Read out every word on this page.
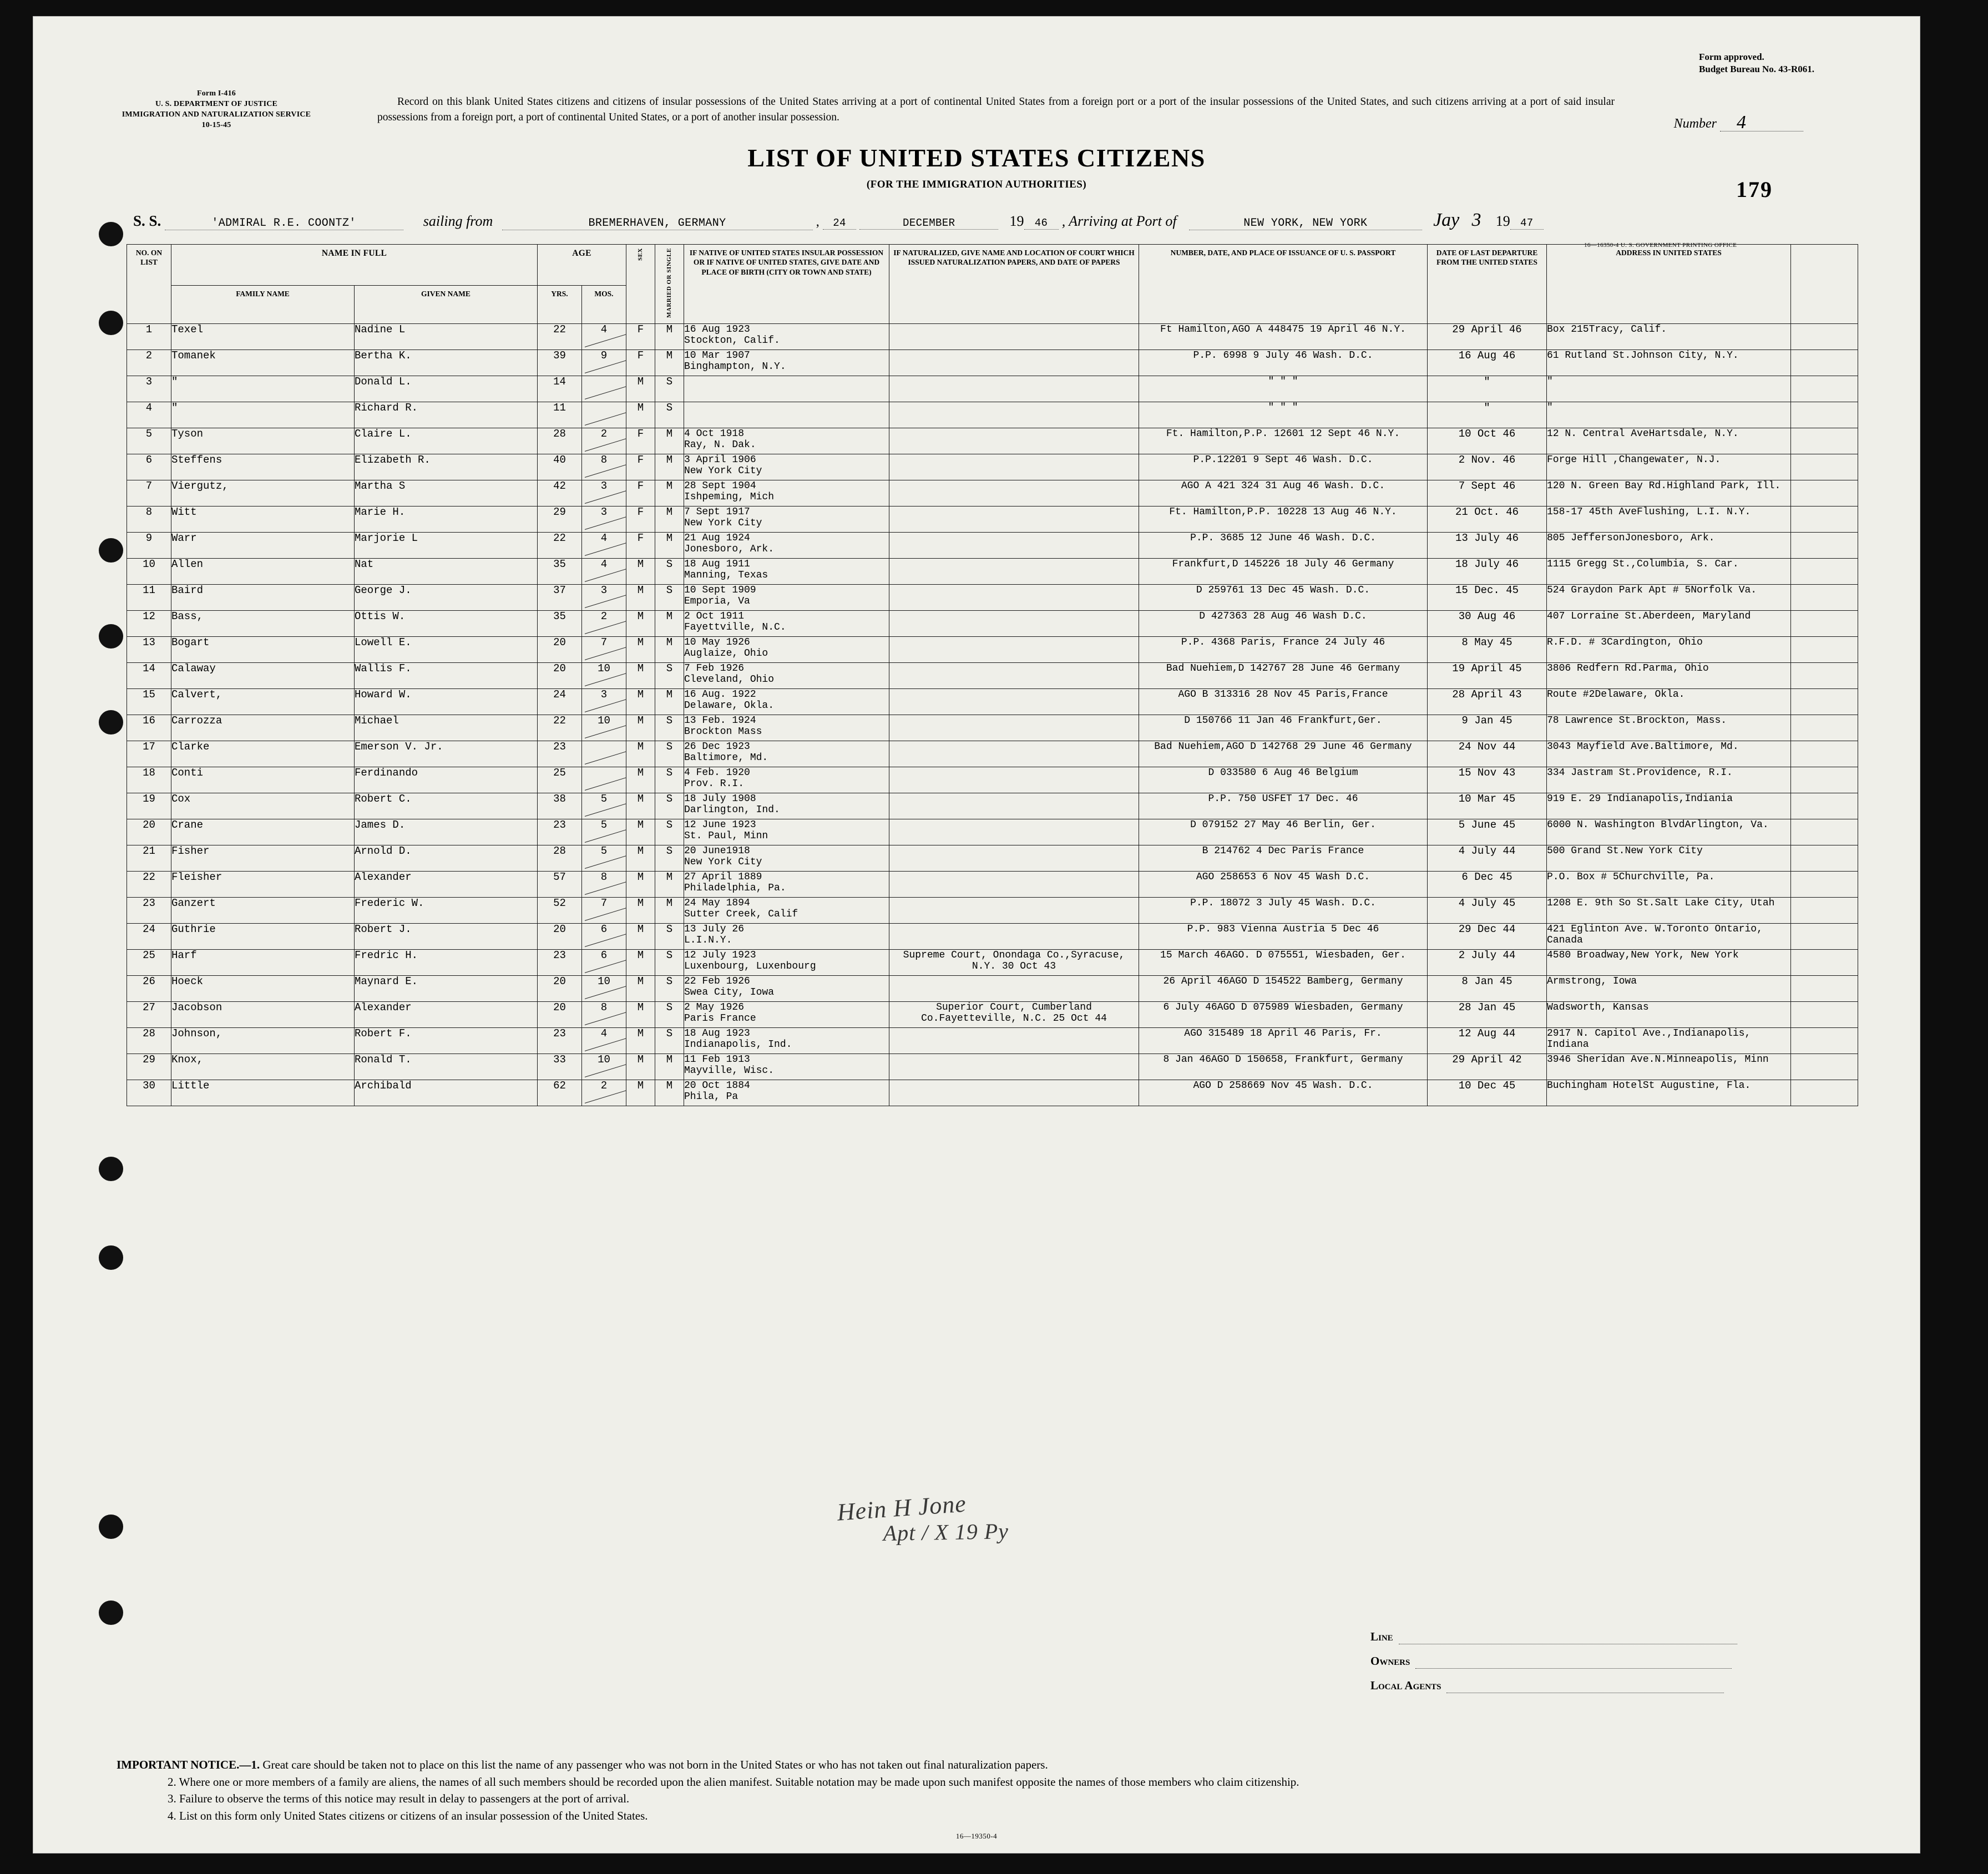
Form I-416
U. S. DEPARTMENT OF JUSTICE
IMMIGRATION AND NATURALIZATION SERVICE
10-15-45
Form approved.
Budget Bureau No. 43-R061.
Record on this blank United States citizens and citizens of insular possessions of the United States arriving at a port of continental United States from a foreign port or a port of the insular possessions of the United States, and such citizens arriving at a port of said insular possessions from a foreign port, a port of continental United States, or a port of another insular possession.	Number 4
LIST OF UNITED STATES CITIZENS
(FOR THE IMMIGRATION AUTHORITIES)	179
S. S.	'ADMIRAL R.E. COONTZ'	sailing from	BREMERHAVEN, GERMANY	, 24	DECEMBER	19 46 , Arriving at Port of	NEW YORK, NEW YORK	Jay 3 19 47
16—16350-4 U. S. GOVERNMENT PRINTING OFFICE
NO. ON LIST	NAME IN FULL		AGE		SEX	MARRIED OR SINGLE	IF NATIVE OF UNITED STATES INSULAR POSSESSION OR IF NATIVE OF UNITED STATES, GIVE DATE AND PLACE OF BIRTH (CITY OR TOWN AND STATE)	IF NATURALIZED, GIVE NAME AND LOCATION OF COURT WHICH ISSUED NATURALIZATION PAPERS, AND DATE OF PAPERS	NUMBER, DATE, AND PLACE OF ISSUANCE OF U. S. PASSPORT	DATE OF LAST DEPARTURE FROM THE UNITED STATES	ADDRESS IN UNITED STATES	
	FAMILY NAME	GIVEN NAME	YRS.	MOS.								
1	Texel	Nadine L	22	4	F	M	16 Aug 1923
Stockton, Calif.		Ft Hamilton,AGO A 448475 19 April 46 N.Y.	29 April 46	Box 215Tracy, Calif.	
2	Tomanek	Bertha K.	39	9	F	M	10 Mar 1907
Binghampton, N.Y.		P.P. 6998 9 July 46 Wash. D.C.	16 Aug 46	61 Rutland St.Johnson City, N.Y.	
3	"	Donald L.	14		M	S			" " "	"	"	
4	"	Richard R.	11		M	S			" " "	"	"	
5	Tyson	Claire L.	28	2	F	M	4 Oct 1918
Ray, N. Dak.		Ft. Hamilton,P.P. 12601 12 Sept 46 N.Y.	10 Oct 46	12 N. Central AveHartsdale, N.Y.	
6	Steffens	Elizabeth R.	40	8	F	M	3 April 1906
New York City		P.P.12201 9 Sept 46 Wash. D.C.	2 Nov. 46	Forge Hill ,Changewater, N.J.	
7	Viergutz,	Martha S	42	3	F	M	28 Sept 1904
Ishpeming, Mich		AGO A 421 324 31 Aug 46 Wash. D.C.	7 Sept 46	120 N. Green Bay Rd.Highland Park, Ill.	
8	Witt	Marie H.	29	3	F	M	7 Sept 1917
New York City		Ft. Hamilton,P.P. 10228 13 Aug 46 N.Y.	21 Oct. 46	158-17 45th AveFlushing, L.I. N.Y.	
9	Warr	Marjorie L	22	4	F	M	21 Aug 1924
Jonesboro, Ark.		P.P. 3685 12 June 46 Wash. D.C.	13 July 46	805 JeffersonJonesboro, Ark.	
10	Allen	Nat	35	4	M	S	18 Aug 1911
Manning, Texas		Frankfurt,D 145226 18 July 46 Germany	18 July 46	1115 Gregg St.,Columbia, S. Car.	
11	Baird	George J.	37	3	M	S	10 Sept 1909
Emporia, Va		D 259761 13 Dec 45 Wash. D.C.	15 Dec. 45	524 Graydon Park Apt # 5Norfolk Va.	
12	Bass,	Ottis W.	35	2	M	M	2 Oct 1911
Fayettville, N.C.		D 427363 28 Aug 46 Wash D.C.	30 Aug 46	407 Lorraine St.Aberdeen, Maryland	
13	Bogart	Lowell E.	20	7	M	M	10 May 1926
Auglaize, Ohio		P.P. 4368 Paris, France 24 July 46	8 May 45	R.F.D. # 3Cardington, Ohio	
14	Calaway	Wallis F.	20	10	M	S	7 Feb 1926
Cleveland, Ohio		Bad Nuehiem,D 142767 28 June 46 Germany	19 April 45	3806 Redfern Rd.Parma, Ohio	
15	Calvert,	Howard W.	24	3	M	M	16 Aug. 1922
Delaware, Okla.		AGO B 313316 28 Nov 45 Paris,France	28 April 43	Route #2Delaware, Okla.	
16	Carrozza	Michael	22	10	M	S	13 Feb. 1924
Brockton Mass		D 150766 11 Jan 46 Frankfurt,Ger.	9 Jan 45	78 Lawrence St.Brockton, Mass.	
17	Clarke	Emerson V. Jr.	23		M	S	26 Dec 1923
Baltimore, Md.		Bad Nuehiem,AGO D 142768 29 June 46 Germany	24 Nov 44	3043 Mayfield Ave.Baltimore, Md.	
18	Conti	Ferdinando	25		M	S	4 Feb. 1920
Prov. R.I.		D 033580 6 Aug 46 Belgium	15 Nov 43	334 Jastram St.Providence, R.I.	
19	Cox	Robert C.	38	5	M	S	18 July 1908
Darlington, Ind.		P.P. 750 USFET 17 Dec. 46	10 Mar 45	919 E. 29 Indianapolis,Indiania	
20	Crane	James D.	23	5	M	S	12 June 1923
St. Paul, Minn		D 079152 27 May 46 Berlin, Ger.	5 June 45	6000 N. Washington BlvdArlington, Va.	
21	Fisher	Arnold D.	28	5	M	S	20 June1918
New York City		B 214762 4 Dec Paris France	4 July 44	500 Grand St.New York City	
22	Fleisher	Alexander	57	8	M	M	27 April 1889
Philadelphia, Pa.		AGO 258653 6 Nov 45 Wash D.C.	6 Dec 45	P.O. Box # 5Churchville, Pa.	
23	Ganzert	Frederic W.	52	7	M	M	24 May 1894
Sutter Creek, Calif		P.P. 18072 3 July 45 Wash. D.C.	4 July 45	1208 E. 9th So St.Salt Lake City, Utah	
24	Guthrie	Robert J.	20	6	M	S	13 July 26
L.I.N.Y.		P.P. 983 Vienna Austria 5 Dec 46	29 Dec 44	421 Eglinton Ave. W.Toronto Ontario, Canada	
25	Harf	Fredric H.	23	6	M	S	12 July 1923
Luxenbourg, Luxenbourg	Supreme Court, Onondaga Co.,Syracuse, N.Y. 30 Oct 43	15 March 46AGO. D 075551, Wiesbaden, Ger.	2 July 44	4580 Broadway,New York, New York	
26	Hoeck	Maynard E.	20	10	M	S	22 Feb 1926
Swea City, Iowa		26 April 46AGO D 154522 Bamberg, Germany	8 Jan 45	Armstrong, Iowa	
27	Jacobson	Alexander	20	8	M	S	2 May 1926
Paris France	Superior Court, Cumberland Co.Fayetteville, N.C. 25 Oct 44	6 July 46AGO D 075989 Wiesbaden, Germany	28 Jan 45	Wadsworth, Kansas	
28	Johnson,	Robert F.	23	4	M	S	18 Aug 1923
Indianapolis, Ind.		AGO 315489 18 April 46 Paris, Fr.	12 Aug 44	2917 N. Capitol Ave.,Indianapolis, Indiana	
29	Knox,	Ronald T.	33	10	M	M	11 Feb 1913
Mayville, Wisc.		8 Jan 46AGO D 150658, Frankfurt, Germany	29 April 42	3946 Sheridan Ave.N.Minneapolis, Minn	
30	Little	Archibald	62	2	M	M	20 Oct 1884
Phila, Pa		AGO D 258669 Nov 45 Wash. D.C.	10 Dec 45	Buchingham HotelSt Augustine, Fla.	
Hein H Jone
Apt / X 19 Py
Line
Owners
Local Agents
IMPORTANT NOTICE.—1. Great care should be taken not to place on this list the name of any passenger who was not born in the United States or who has not taken out final naturalization papers.
2. Where one or more members of a family are aliens, the names of all such members should be recorded upon the alien manifest. Suitable notation may be made upon such manifest opposite the names of those members who claim citizenship.
3. Failure to observe the terms of this notice may result in delay to passengers at the port of arrival.
4. List on this form only United States citizens or citizens of an insular possession of the United States.
16—19350-4
